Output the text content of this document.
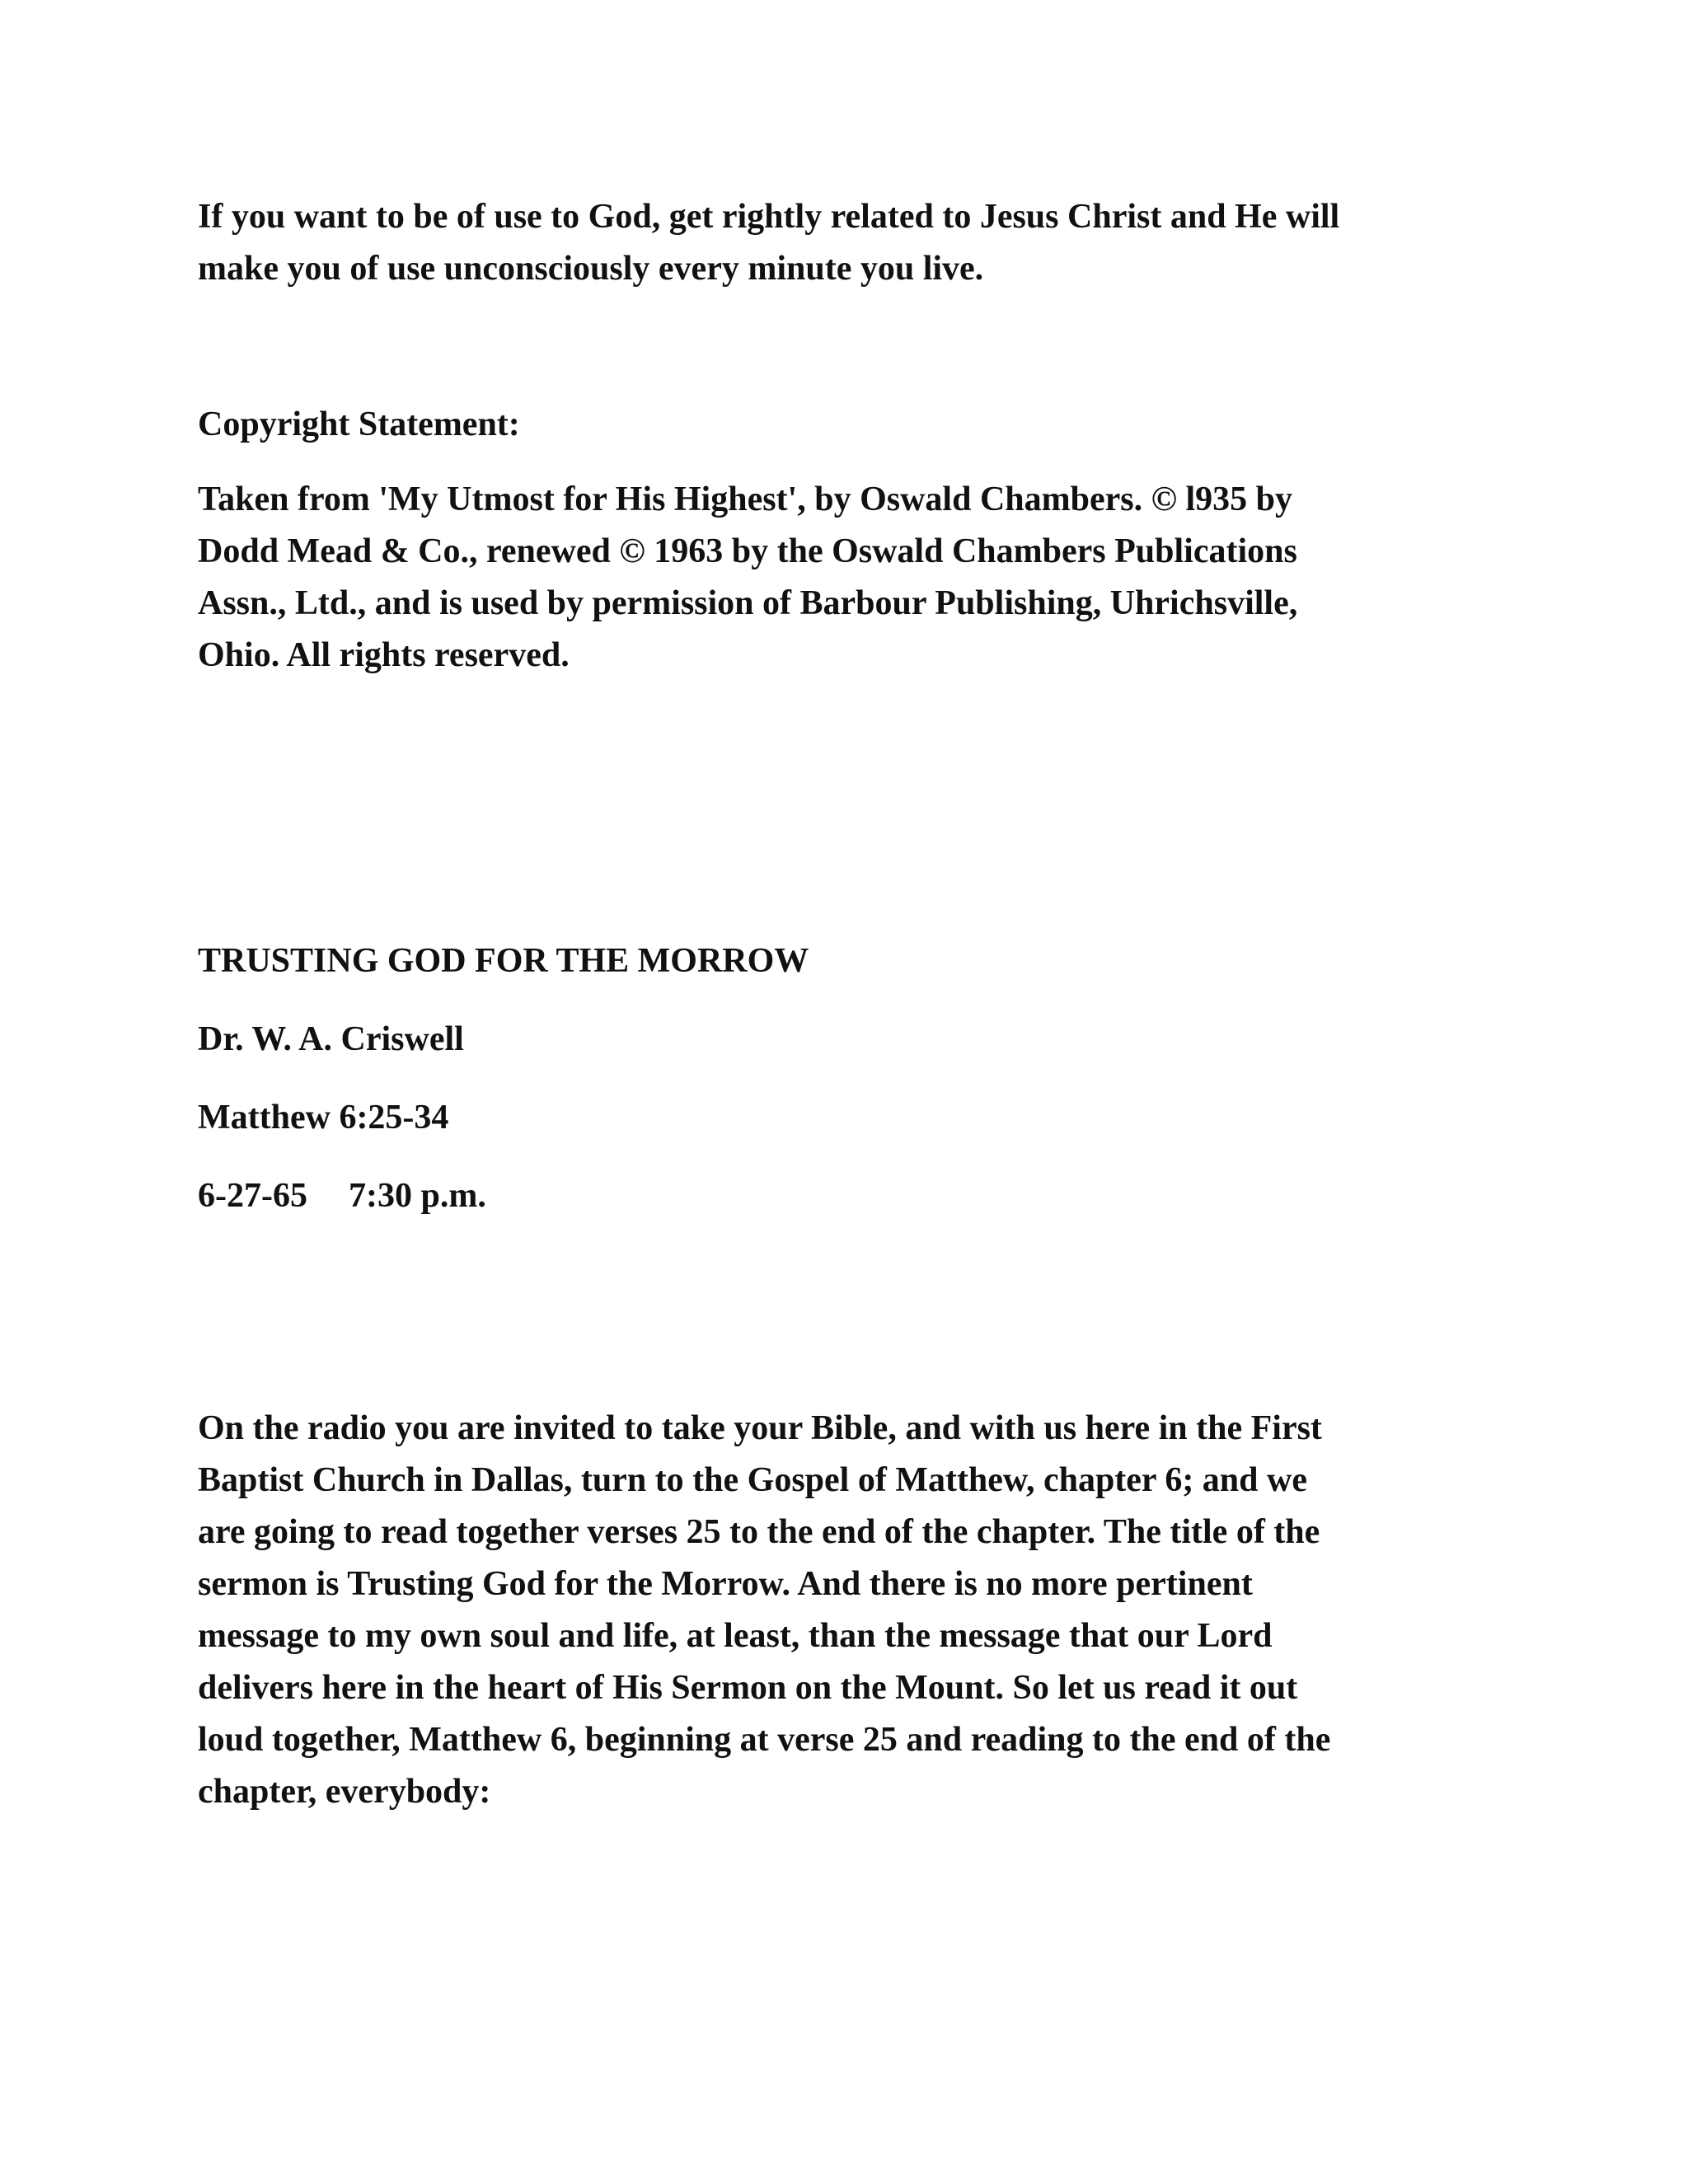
If you want to be of use to God, get rightly related to Jesus Christ and He will
make you of use unconsciously every minute you live.

Copyright Statement:

Taken from 'My Utmost for His Highest', by Oswald Chambers. © l935 by
Dodd Mead & Co., renewed © 1963 by the Oswald Chambers Publications
Assn., Ltd., and is used by permission of Barbour Publishing, Uhrichsville,
Ohio. All rights reserved.

TRUSTING GOD FOR THE MORROW

Dr. W. A. Criswell

Matthew 6:25-34

6-27-65 7:30 p.m.

On the radio you are invited to take your Bible, and with us here in the First
Baptist Church in Dallas, turn to the Gospel of Matthew, chapter 6; and we
are going to read together verses 25 to the end of the chapter. The title of the
sermon is Trusting God for the Morrow. And there is no more pertinent
message to my own soul and life, at least, than the message that our Lord
delivers here in the heart of His Sermon on the Mount. So let us read it out
loud together, Matthew 6, beginning at verse 25 and reading to the end of the
chapter, everybody:
